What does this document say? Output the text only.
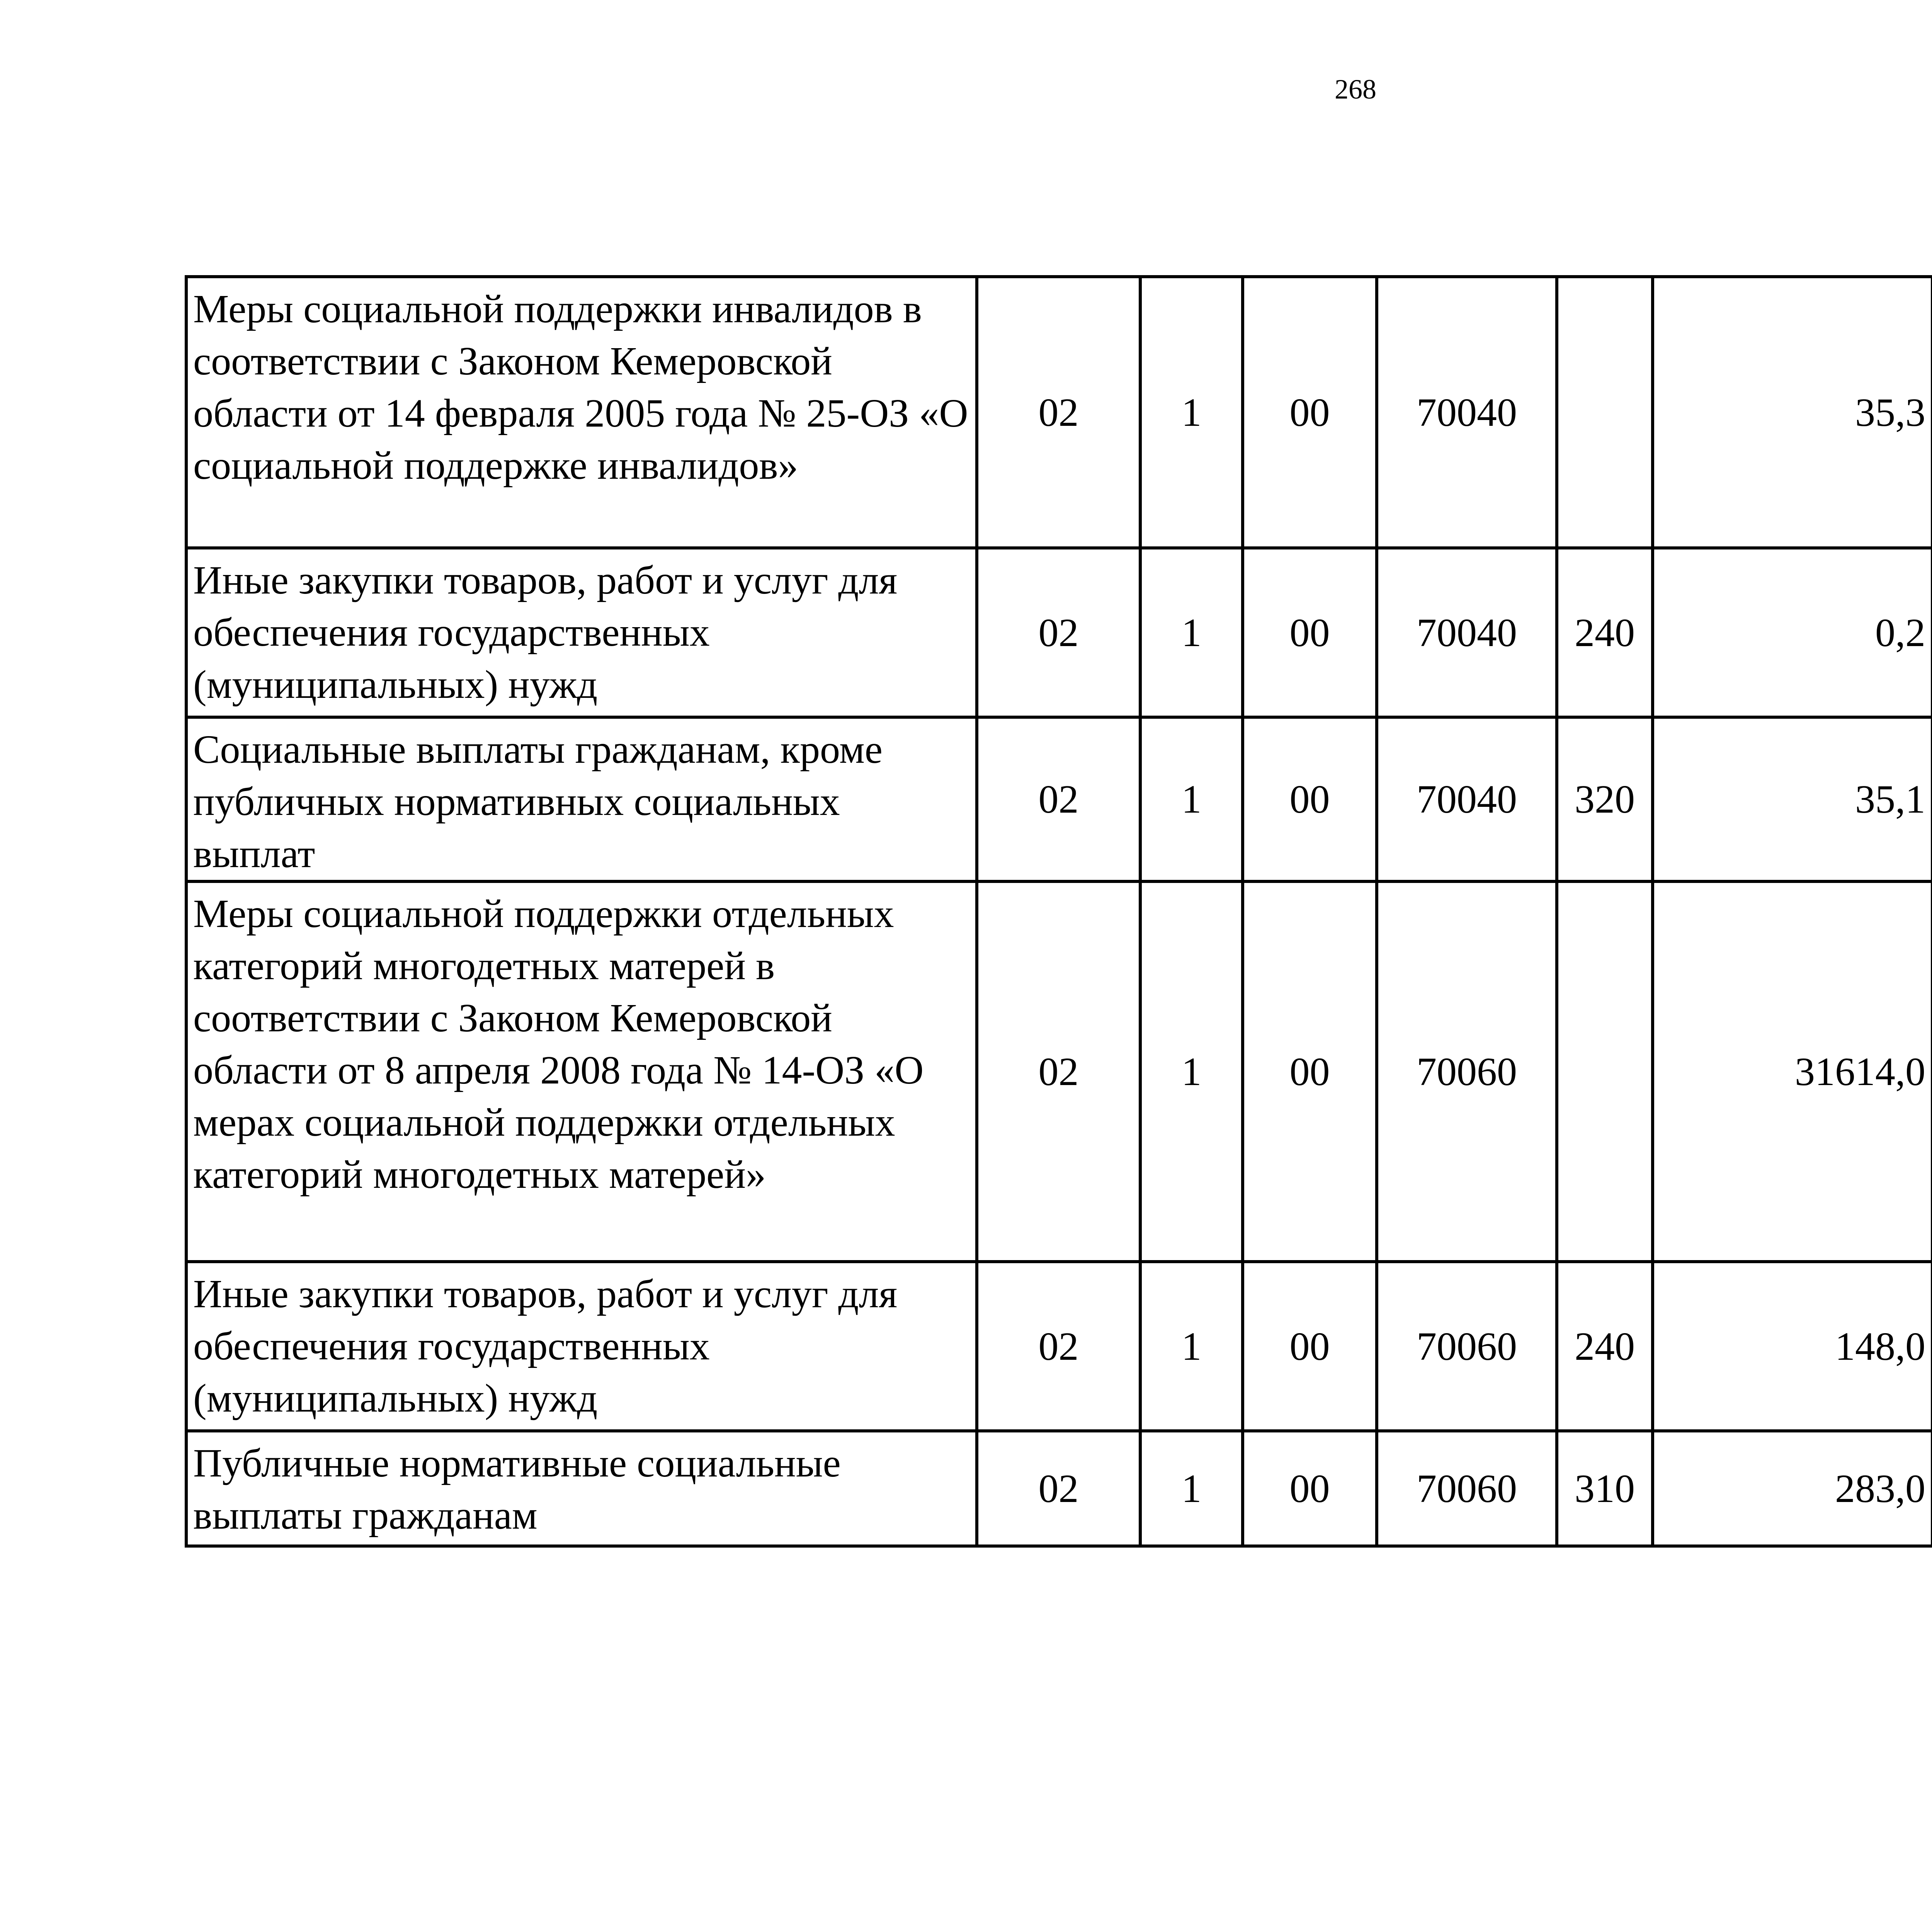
268
Меры социальной поддержки инвалидов в соответствии с Законом Кемеровской области от 14 февраля 2005 года № 25-ОЗ «О социальной поддержке инвалидов»	02	1	00	70040		35,3		
Иные закупки товаров, работ и услуг для обеспечения государственных (муниципальных) нужд	02	1	00	70040	240	0,2		
Социальные выплаты гражданам, кроме публичных нормативных социальных выплат	02	1	00	70040	320	35,1		
Меры социальной поддержки отдельных категорий многодетных матерей в соответствии с Законом Кемеровской области от 8 апреля 2008 года № 14-ОЗ «О мерах социальной поддержки отдельных категорий многодетных матерей»	02	1	00	70060		31614,0		
Иные закупки товаров, работ и услуг для обеспечения государственных (муниципальных) нужд	02	1	00	70060	240	148,0		
Публичные нормативные социальные выплаты гражданам	02	1	00	70060	310	283,0		
